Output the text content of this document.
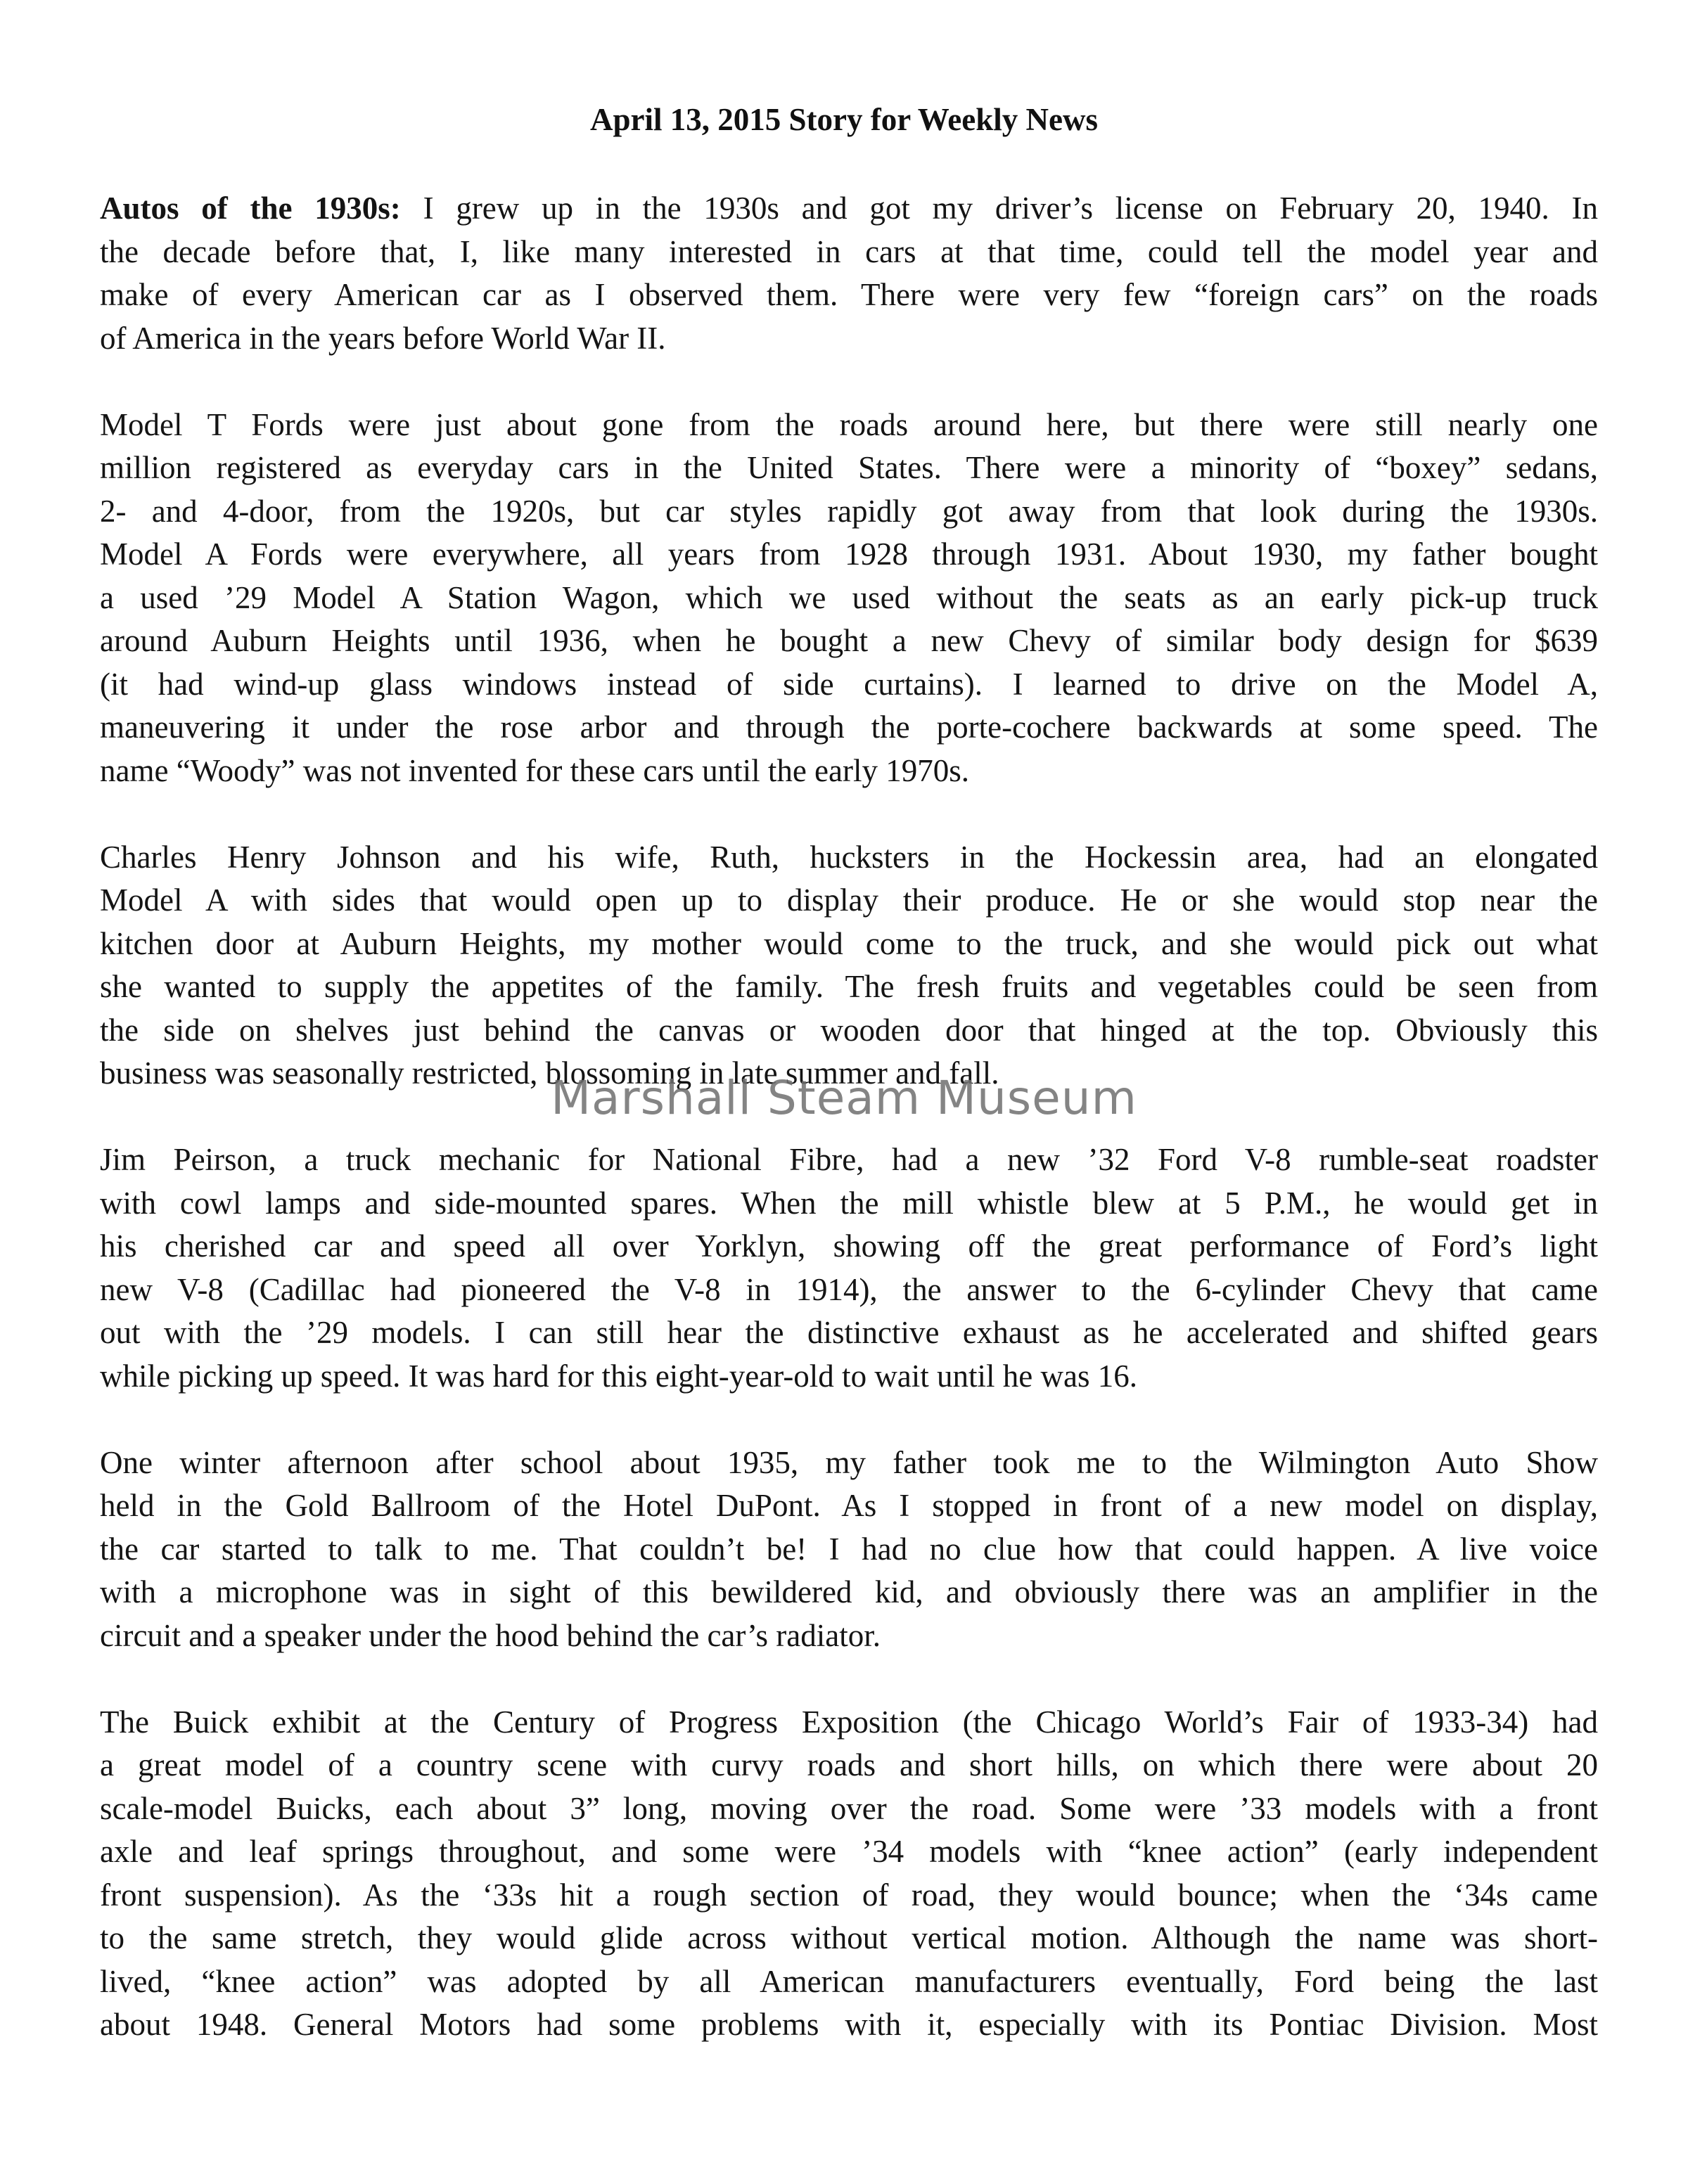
April 13, 2015 Story for Weekly News
Autos of the 1930s: I grew up in the 1930s and got my driver’s license on February 20, 1940. In
the decade before that, I, like many interested in cars at that time, could tell the model year and
make of every American car as I observed them. There were very few “foreign cars” on the roads
of America in the years before World War II.
Model T Fords were just about gone from the roads around here, but there were still nearly one
million registered as everyday cars in the United States. There were a minority of “boxey” sedans,
2- and 4-door, from the 1920s, but car styles rapidly got away from that look during the 1930s.
Model A Fords were everywhere, all years from 1928 through 1931. About 1930, my father bought
a used ’29 Model A Station Wagon, which we used without the seats as an early pick-up truck
around Auburn Heights until 1936, when he bought a new Chevy of similar body design for $639
(it had wind-up glass windows instead of side curtains). I learned to drive on the Model A,
maneuvering it under the rose arbor and through the porte-cochere backwards at some speed. The
name “Woody” was not invented for these cars until the early 1970s.
Charles Henry Johnson and his wife, Ruth, hucksters in the Hockessin area, had an elongated
Model A with sides that would open up to display their produce. He or she would stop near the
kitchen door at Auburn Heights, my mother would come to the truck, and she would pick out what
she wanted to supply the appetites of the family. The fresh fruits and vegetables could be seen from
the side on shelves just behind the canvas or wooden door that hinged at the top. Obviously this
business was seasonally restricted, blossoming in late summer and fall.
Jim Peirson, a truck mechanic for National Fibre, had a new ’32 Ford V-8 rumble-seat roadster
with cowl lamps and side-mounted spares. When the mill whistle blew at 5 P.M., he would get in
his cherished car and speed all over Yorklyn, showing off the great performance of Ford’s light
new V-8 (Cadillac had pioneered the V-8 in 1914), the answer to the 6-cylinder Chevy that came
out with the ’29 models. I can still hear the distinctive exhaust as he accelerated and shifted gears
while picking up speed. It was hard for this eight-year-old to wait until he was 16.
One winter afternoon after school about 1935, my father took me to the Wilmington Auto Show
held in the Gold Ballroom of the Hotel DuPont. As I stopped in front of a new model on display,
the car started to talk to me. That couldn’t be! I had no clue how that could happen. A live voice
with a microphone was in sight of this bewildered kid, and obviously there was an amplifier in the
circuit and a speaker under the hood behind the car’s radiator.
The Buick exhibit at the Century of Progress Exposition (the Chicago World’s Fair of 1933-34) had
a great model of a country scene with curvy roads and short hills, on which there were about 20
scale-model Buicks, each about 3” long, moving over the road. Some were ’33 models with a front
axle and leaf springs throughout, and some were ’34 models with “knee action” (early independent
front suspension). As the ‘33s hit a rough section of road, they would bounce; when the ‘34s came
to the same stretch, they would glide across without vertical motion. Although the name was short-
lived, “knee action” was adopted by all American manufacturers eventually, Ford being the last
about 1948. General Motors had some problems with it, especially with its Pontiac Division. Most
Marshall Steam Museum
